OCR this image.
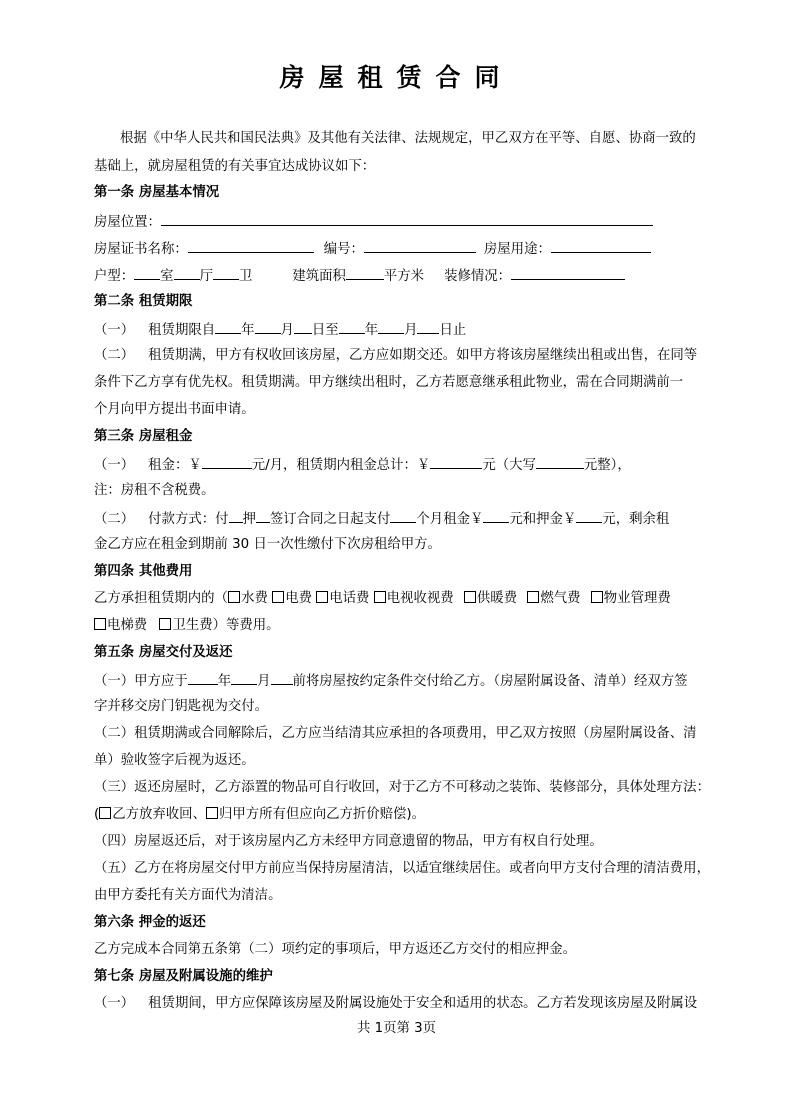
房屋租赁合同
根据《中华人民共和国民法典》及其他有关法律、法规规定，甲乙双方在平等、自愿、协商一致的
基础上，就房屋租赁的有关事宜达成协议如下：
第一条 房屋基本情况
房屋位置：
房屋证书名称：	编号：	房屋用途：
户型： 室 厅 卫	建筑面积	平方米 装修情况：
第二条 租赁期限
（一） 租赁期限自 年 月 日至 年 月 日止
（二） 租赁期满，甲方有权收回该房屋，乙方应如期交还。如甲方将该房屋继续出租或出售，在同等
条件下乙方享有优先权。租赁期满。甲方继续出租时，乙方若愿意继承租此物业，需在合同期满前一
个月向甲方提出书面申请。
第三条 房屋租金
（一） 租金：￥	元/月，租赁期内租金总计：￥	元（大写	元整），
注：房租不含税费。
（二） 付款方式：付 押 签订合同之日起支付 个月租金￥ 元和押金￥ 元，剩余租
金乙方应在租金到期前 30 日一次性缴付下次房租给甲方。
第四条 其他费用
乙方承担租赁期内的（ 水费 电费 电话费 电视收视费 供暖费 燃气费 物业管理费
电梯费 卫生费）等费用。
第五条 房屋交付及返还
（一）甲方应于 年 月 前将房屋按约定条件交付给乙方。（房屋附属设备、清单）经双方签
字并移交房门钥匙视为交付。
（二）租赁期满或合同解除后，乙方应当结清其应承担的各项费用，甲乙双方按照（房屋附属设备、清
单）验收签字后视为返还。
（三）返还房屋时，乙方添置的物品可自行收回，对于乙方不可移动之装饰、装修部分，具体处理方法：
( 乙方放弃收回、 归甲方所有但应向乙方折价赔偿)。
（四）房屋返还后，对于该房屋内乙方未经甲方同意遗留的物品，甲方有权自行处理。
（五）乙方在将房屋交付甲方前应当保持房屋清洁，以适宜继续居住。或者向甲方支付合理的清洁费用，
由甲方委托有关方面代为清洁。
第六条 押金的返还
乙方完成本合同第五条第（二）项约定的事项后，甲方返还乙方交付的相应押金。
第七条 房屋及附属设施的维护
（一） 租赁期间，甲方应保障该房屋及附属设施处于安全和适用的状态。乙方若发现该房屋及附属设
共 1页第 3页
